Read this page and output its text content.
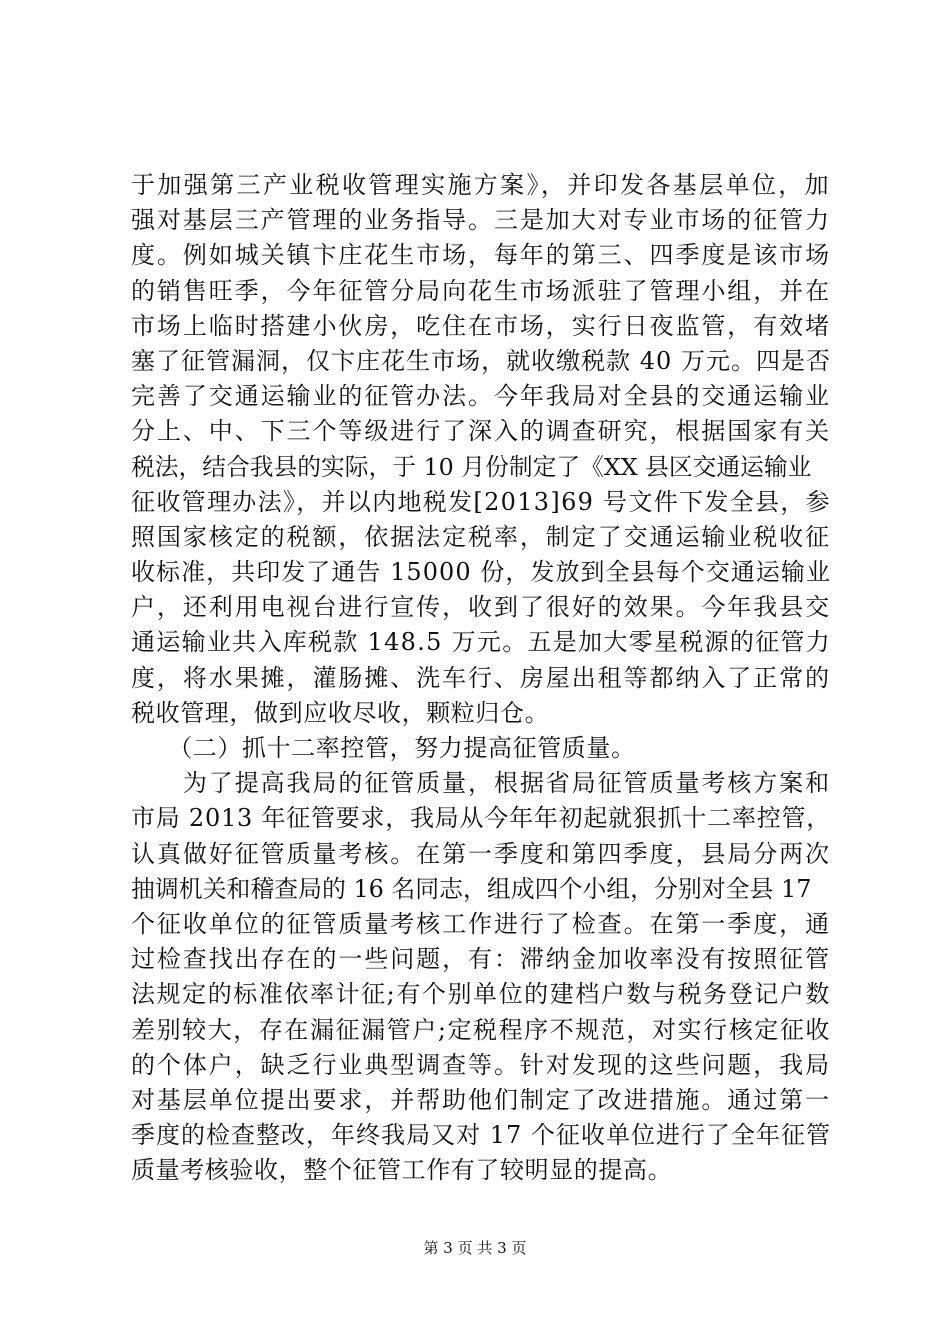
于加强第三产业税收管理实施方案》，并印发各基层单位，加
强对基层三产管理的业务指导。三是加大对专业市场的征管力
度。例如城关镇卞庄花生市场，每年的第三、四季度是该市场
的销售旺季，今年征管分局向花生市场派驻了管理小组，并在
市场上临时搭建小伙房，吃住在市场，实行日夜监管，有效堵
塞了征管漏洞，仅卞庄花生市场，就收缴税款 40 万元。四是否
完善了交通运输业的征管办法。今年我局对全县的交通运输业
分上、中、下三个等级进行了深入的调查研究，根据国家有关
税法，结合我县的实际，于 10 月份制定了《XX 县区交通运输业
征收管理办法》，并以内地税发[2013]69 号文件下发全县，参
照国家核定的税额，依据法定税率，制定了交通运输业税收征
收标准，共印发了通告 15000 份，发放到全县每个交通运输业
户，还利用电视台进行宣传，收到了很好的效果。今年我县交
通运输业共入库税款 148.5 万元。五是加大零星税源的征管力
度，将水果摊，灌肠摊、洗车行、房屋出租等都纳入了正常的
税收管理，做到应收尽收，颗粒归仓。
　　（二）抓十二率控管，努力提高征管质量。
　　为了提高我局的征管质量，根据省局征管质量考核方案和
市局 2013 年征管要求，我局从今年年初起就狠抓十二率控管，
认真做好征管质量考核。在第一季度和第四季度，县局分两次
抽调机关和稽查局的 16 名同志，组成四个小组，分别对全县 17
个征收单位的征管质量考核工作进行了检查。在第一季度，通
过检查找出存在的一些问题，有：滞纳金加收率没有按照征管
法规定的标准依率计征;有个别单位的建档户数与税务登记户数
差别较大，存在漏征漏管户;定税程序不规范，对实行核定征收
的个体户，缺乏行业典型调查等。针对发现的这些问题，我局
对基层单位提出要求，并帮助他们制定了改进措施。通过第一
季度的检查整改，年终我局又对 17 个征收单位进行了全年征管
质量考核验收，整个征管工作有了较明显的提高。
第 3 页 共 3 页
